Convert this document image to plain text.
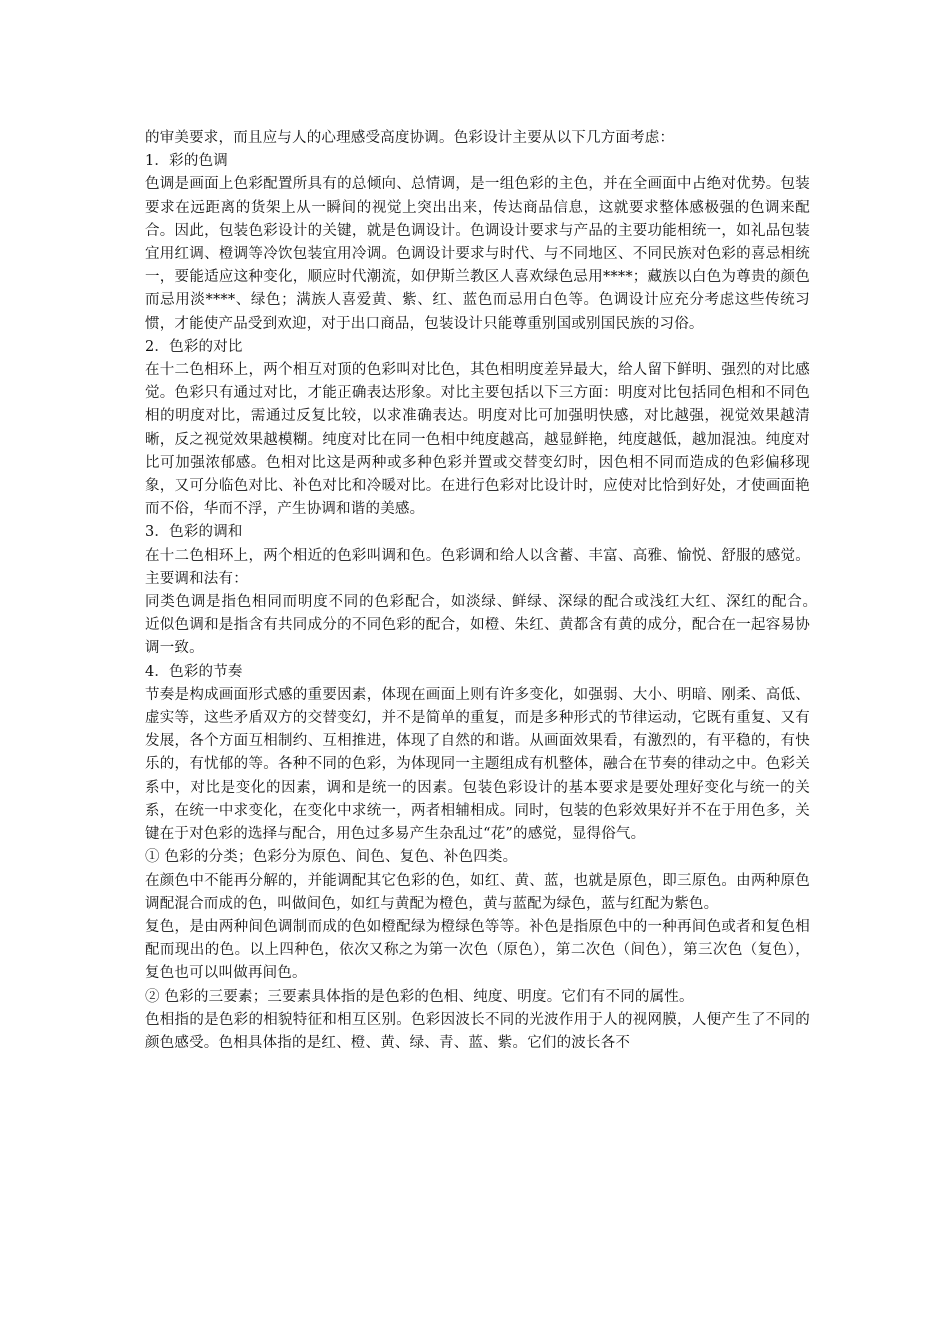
的审美要求，而且应与人的心理感受高度协调。色彩设计主要从以下几方面考虑：

1．彩的色调

色调是画面上色彩配置所具有的总倾向、总情调，是一组色彩的主色，并在全画面中占绝对优势。包装要求在远距离的货架上从一瞬间的视觉上突出出来，传达商品信息，这就要求整体感极强的色调来配合。因此，包装色彩设计的关键，就是色调设计。色调设计要求与产品的主要功能相统一，如礼品包装宜用红调、橙调等冷饮包装宜用冷调。色调设计要求与时代、与不同地区、不同民族对色彩的喜忌相统一，要能适应这种变化，顺应时代潮流，如伊斯兰教区人喜欢绿色忌用****；藏族以白色为尊贵的颜色而忌用淡****、绿色；满族人喜爱黄、紫、红、蓝色而忌用白色等。色调设计应充分考虑这些传统习惯，才能使产品受到欢迎，对于出口商品，包装设计只能尊重别国或别国民族的习俗。

2．色彩的对比

在十二色相环上，两个相互对顶的色彩叫对比色，其色相明度差异最大，给人留下鲜明、强烈的对比感觉。色彩只有通过对比，才能正确表达形象。对比主要包括以下三方面：明度对比包括同色相和不同色相的明度对比，需通过反复比较，以求准确表达。明度对比可加强明快感，对比越强，视觉效果越清晰，反之视觉效果越模糊。纯度对比在同一色相中纯度越高，越显鲜艳，纯度越低，越加混浊。纯度对比可加强浓郁感。色相对比这是两种或多种色彩并置或交替变幻时，因色相不同而造成的色彩偏移现象，又可分临色对比、补色对比和冷暖对比。在进行色彩对比设计时，应使对比恰到好处，才使画面艳而不俗，华而不浮，产生协调和谐的美感。

3．色彩的调和

在十二色相环上，两个相近的色彩叫调和色。色彩调和给人以含蓄、丰富、高雅、愉悦、舒服的感觉。主要调和法有：

同类色调是指色相同而明度不同的色彩配合，如淡绿、鲜绿、深绿的配合或浅红大红、深红的配合。　　近似色调和是指含有共同成分的不同色彩的配合，如橙、朱红、黄都含有黄的成分，配合在一起容易协调一致。

4．色彩的节奏

节奏是构成画面形式感的重要因素，体现在画面上则有许多变化，如强弱、大小、明暗、刚柔、高低、虚实等，这些矛盾双方的交替变幻，并不是简单的重复，而是多种形式的节律运动，它既有重复、又有发展，各个方面互相制约、互相推进，体现了自然的和谐。从画面效果看，有激烈的，有平稳的，有快乐的，有忧郁的等。各种不同的色彩，为体现同一主题组成有机整体，融合在节奏的律动之中。色彩关系中，对比是变化的因素，调和是统一的因素。包装色彩设计的基本要求是要处理好变化与统一的关系，在统一中求变化，在变化中求统一，两者相辅相成。同时，包装的色彩效果好并不在于用色多，关键在于对色彩的选择与配合，用色过多易产生杂乱过“花”的感觉，显得俗气。

① 色彩的分类；色彩分为原色、间色、复色、补色四类。

在颜色中不能再分解的，并能调配其它色彩的色，如红、黄、蓝，也就是原色，即三原色。由两种原色调配混合而成的色，叫做间色，如红与黄配为橙色，黄与蓝配为绿色，蓝与红配为紫色。

复色，是由两种间色调制而成的色如橙配绿为橙绿色等等。补色是指原色中的一种再间色或者和复色相配而现出的色。以上四种色，依次又称之为第一次色（原色），第二次色（间色），第三次色（复色），复色也可以叫做再间色。

② 色彩的三要素；三要素具体指的是色彩的色相、纯度、明度。它们有不同的属性。

色相指的是色彩的相貌特征和相互区别。色彩因波长不同的光波作用于人的视网膜，人便产生了不同的颜色感受。色相具体指的是红、橙、黄、绿、青、蓝、紫。它们的波长各不
